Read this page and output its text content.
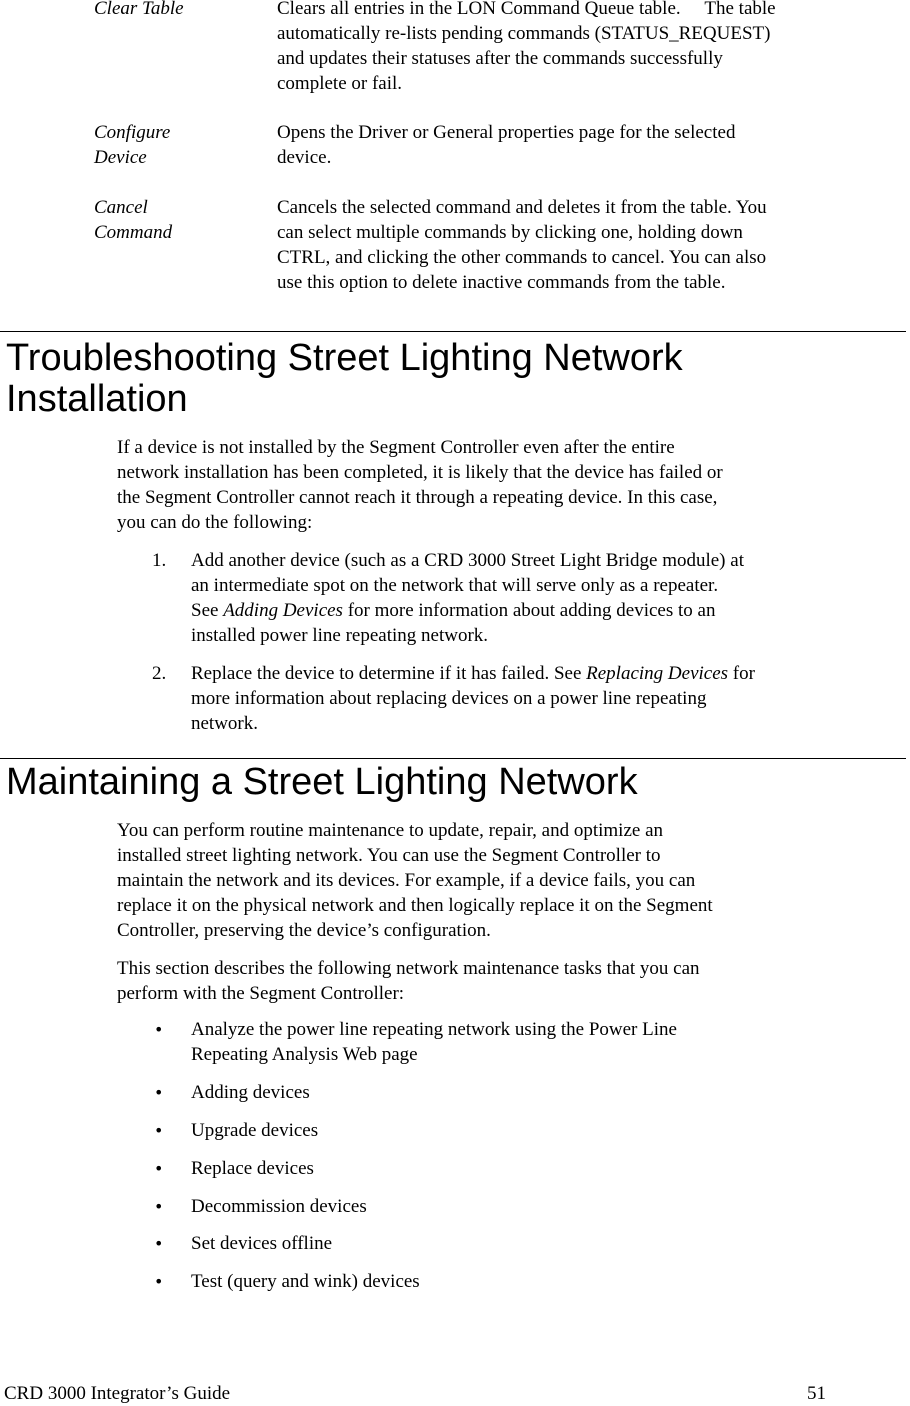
Clear Table	Clears all entries in the LON Command Queue table.     The table
automatically re-lists pending commands (STATUS_REQUEST)
and updates their statuses after the commands successfully
complete or fail.
Configure
Device
Opens the Driver or General properties page for the selected
device.
Cancel
Command
Cancels the selected command and deletes it from the table. You
can select multiple commands by clicking one, holding down
CTRL, and clicking the other commands to cancel. You can also
use this option to delete inactive commands from the table.
Troubleshooting Street Lighting Network
Installation
If a device is not installed by the Segment Controller even after the entire
network installation has been completed, it is likely that the device has failed or
the Segment Controller cannot reach it through a repeating device. In this case,
you can do the following:
1. Add another device (such as a CRD 3000 Street Light Bridge module) at
an intermediate spot on the network that will serve only as a repeater.
See Adding Devices for more information about adding devices to an
installed power line repeating network.
2. Replace the device to determine if it has failed. See Replacing Devices for
more information about replacing devices on a power line repeating
network.
Maintaining a Street Lighting Network
You can perform routine maintenance to update, repair, and optimize an
installed street lighting network. You can use the Segment Controller to
maintain the network and its devices. For example, if a device fails, you can
replace it on the physical network and then logically replace it on the Segment
Controller, preserving the device’s configuration.
This section describes the following network maintenance tasks that you can
perform with the Segment Controller:
• Analyze the power line repeating network using the Power Line
Repeating Analysis Web page
• Adding devices
• Upgrade devices
• Replace devices
• Decommission devices
• Set devices offline
• Test (query and wink) devices
CRD 3000 Integrator’s Guide	51
